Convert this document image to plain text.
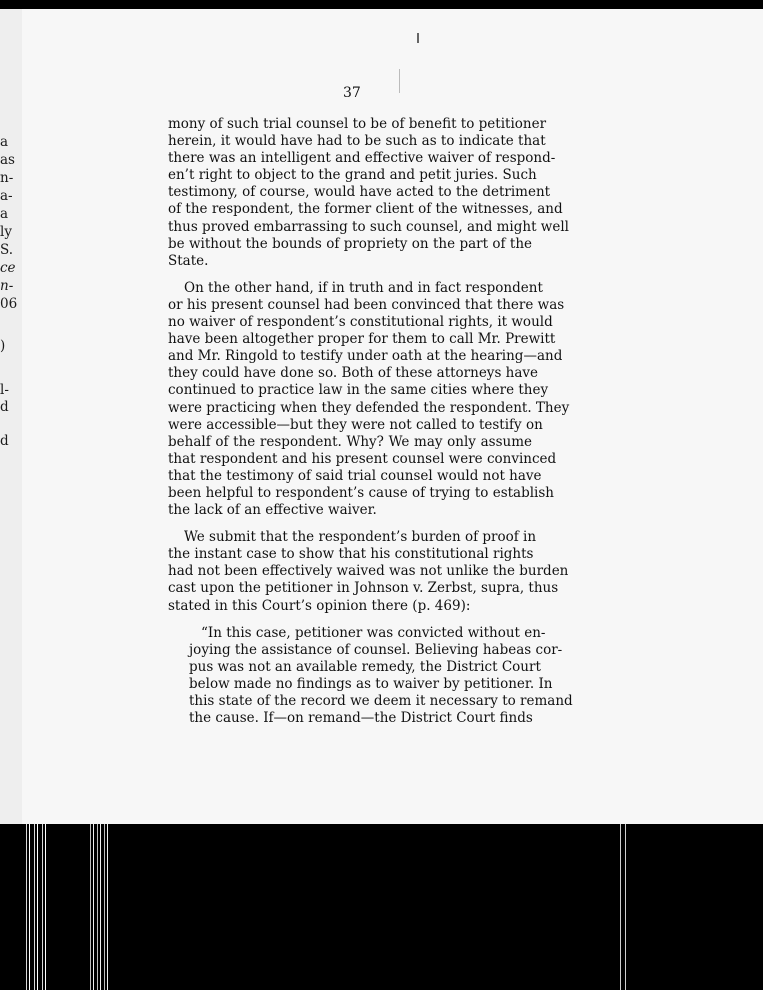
a
as
n-
a-
a
ly
S.
ce
n-
06
)
l-
d
d
37
mony of such trial counsel to be of benefit to petitioner
herein, it would have had to be such as to indicate that
there was an intelligent and effective waiver of respond-
en’t right to object to the grand and petit juries. Such
testimony, of course, would have acted to the detriment
of the respondent, the former client of the witnesses, and
thus proved embarrassing to such counsel, and might well
be without the bounds of propriety on the part of the
State.
On the other hand, if in truth and in fact respondent
or his present counsel had been convinced that there was
no waiver of respondent’s constitutional rights, it would
have been altogether proper for them to call Mr. Prewitt
and Mr. Ringold to testify under oath at the hearing—and
they could have done so. Both of these attorneys have
continued to practice law in the same cities where they
were practicing when they defended the respondent. They
were accessible—but they were not called to testify on
behalf of the respondent. Why? We may only assume
that respondent and his present counsel were convinced
that the testimony of said trial counsel would not have
been helpful to respondent’s cause of trying to establish
the lack of an effective waiver.
We submit that the respondent’s burden of proof in
the instant case to show that his constitutional rights
had not been effectively waived was not unlike the burden
cast upon the petitioner in Johnson v. Zerbst, supra, thus
stated in this Court’s opinion there (p. 469):
“In this case, petitioner was convicted without en-
joying the assistance of counsel. Believing habeas cor-
pus was not an available remedy, the District Court
below made no findings as to waiver by petitioner. In
this state of the record we deem it necessary to remand
the cause. If—on remand—the District Court finds
